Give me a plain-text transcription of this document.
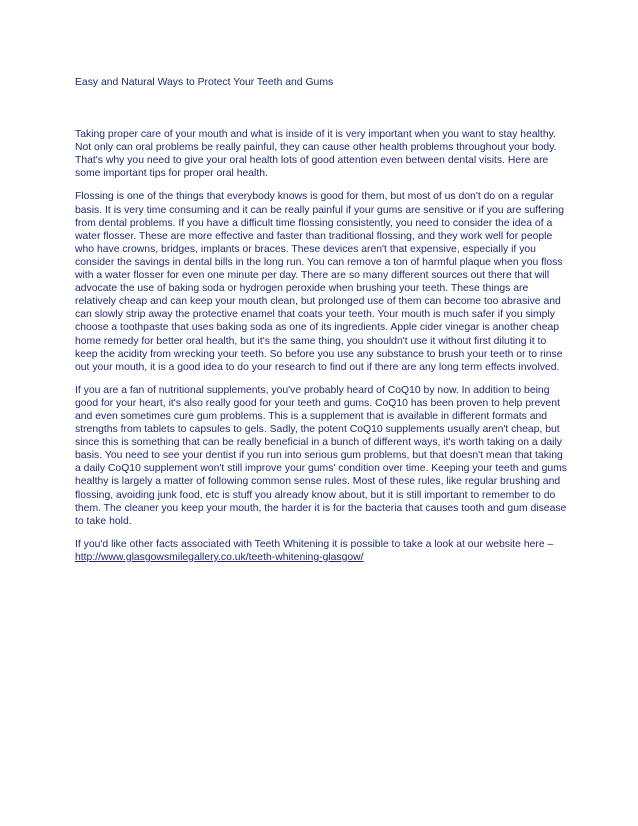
Easy and Natural Ways to Protect Your Teeth and Gums

Taking proper care of your mouth and what is inside of it is very important when you want to stay healthy. Not only can oral problems be really painful, they can cause other health problems throughout your body. That's why you need to give your oral health lots of good attention even between dental visits. Here are some important tips for proper oral health.

Flossing is one of the things that everybody knows is good for them, but most of us don't do on a regular basis. It is very time consuming and it can be really painful if your gums are sensitive or if you are suffering from dental problems. If you have a difficult time flossing consistently, you need to consider the idea of a water flosser. These are more effective and faster than traditional flossing, and they work well for people who have crowns, bridges, implants or braces. These devices aren't that expensive, especially if you consider the savings in dental bills in the long run. You can remove a ton of harmful plaque when you floss with a water flosser for even one minute per day. There are so many different sources out there that will advocate the use of baking soda or hydrogen peroxide when brushing your teeth. These things are relatively cheap and can keep your mouth clean, but prolonged use of them can become too abrasive and can slowly strip away the protective enamel that coats your teeth. Your mouth is much safer if you simply choose a toothpaste that uses baking soda as one of its ingredients. Apple cider vinegar is another cheap home remedy for better oral health, but it's the same thing, you shouldn't use it without first diluting it to keep the acidity from wrecking your teeth. So before you use any substance to brush your teeth or to rinse out your mouth, it is a good idea to do your research to find out if there are any long term effects involved.

If you are a fan of nutritional supplements, you've probably heard of CoQ10 by now. In addition to being good for your heart, it's also really good for your teeth and gums. CoQ10 has been proven to help prevent and even sometimes cure gum problems. This is a supplement that is available in different formats and strengths from tablets to capsules to gels. Sadly, the potent CoQ10 supplements usually aren't cheap, but since this is something that can be really beneficial in a bunch of different ways, it's worth taking on a daily basis. You need to see your dentist if you run into serious gum problems, but that doesn't mean that taking a daily CoQ10 supplement won't still improve your gums' condition over time. Keeping your teeth and gums healthy is largely a matter of following common sense rules. Most of these rules, like regular brushing and flossing, avoiding junk food, etc is stuff you already know about, but it is still important to remember to do them. The cleaner you keep your mouth, the harder it is for the bacteria that causes tooth and gum disease to take hold.

If you'd like other facts associated with Teeth Whitening it is possible to take a look at our website here – http://www.glasgowsmilegallery.co.uk/teeth-whitening-glasgow/
